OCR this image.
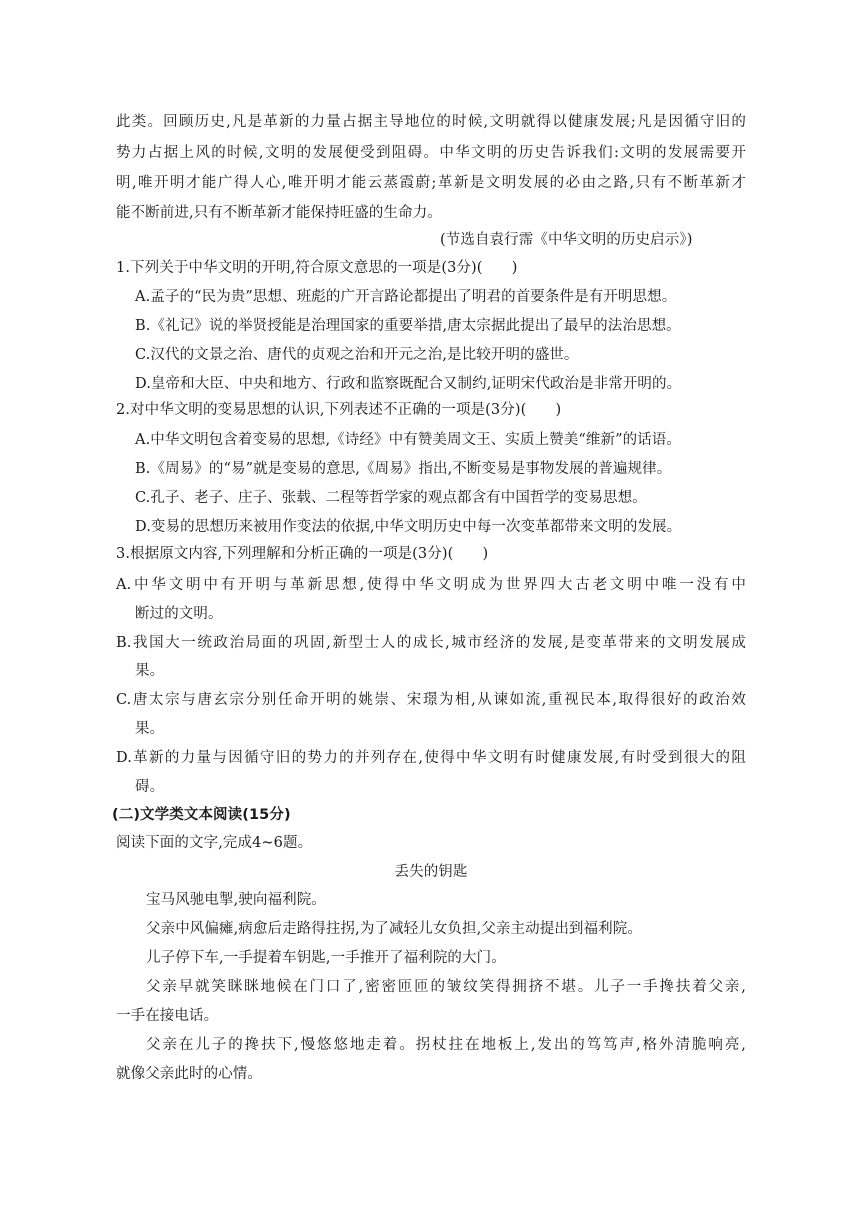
此类。回顾历史,凡是革新的力量占据主导地位的时候,文明就得以健康发展;凡是因循守旧的
势力占据上风的时候,文明的发展便受到阻碍。中华文明的历史告诉我们:文明的发展需要开
明,唯开明才能广得人心,唯开明才能云蒸霞蔚;革新是文明发展的必由之路,只有不断革新才
能不断前进,只有不断革新才能保持旺盛的生命力。
(节选自袁行霈《中华文明的历史启示》)
1.下列关于中华文明的开明,符合原文意思的一项是(3分)(　　)
A.孟子的“民为贵”思想、班彪的广开言路论都提出了明君的首要条件是有开明思想。
B.《礼记》说的举贤授能是治理国家的重要举措,唐太宗据此提出了最早的法治思想。
C.汉代的文景之治、唐代的贞观之治和开元之治,是比较开明的盛世。
D.皇帝和大臣、中央和地方、行政和监察既配合又制约,证明宋代政治是非常开明的。
2.对中华文明的变易思想的认识,下列表述不正确的一项是(3分)(　　)
A.中华文明包含着变易的思想,《诗经》中有赞美周文王、实质上赞美“维新”的话语。
B.《周易》的“易”就是变易的意思,《周易》指出,不断变易是事物发展的普遍规律。
C.孔子、老子、庄子、张载、二程等哲学家的观点都含有中国哲学的变易思想。
D.变易的思想历来被用作变法的依据,中华文明历史中每一次变革都带来文明的发展。
3.根据原文内容,下列理解和分析正确的一项是(3分)(　　)
A.中华文明中有开明与革新思想,使得中华文明成为世界四大古老文明中唯一没有中
断过的文明。
B.我国大一统政治局面的巩固,新型士人的成长,城市经济的发展,是变革带来的文明发展成
果。
C.唐太宗与唐玄宗分别任命开明的姚崇、宋璟为相,从谏如流,重视民本,取得很好的政治效
果。
D.革新的力量与因循守旧的势力的并列存在,使得中华文明有时健康发展,有时受到很大的阻
碍。
(二)文学类文本阅读(15分)
阅读下面的文字,完成4~6题。
丢失的钥匙
宝马风驰电掣,驶向福利院。
父亲中风偏瘫,病愈后走路得拄拐,为了减轻儿女负担,父亲主动提出到福利院。
儿子停下车,一手提着车钥匙,一手推开了福利院的大门。
父亲早就笑眯眯地候在门口了,密密匝匝的皱纹笑得拥挤不堪。儿子一手搀扶着父亲,
一手在接电话。
父亲在儿子的搀扶下,慢悠悠地走着。拐杖拄在地板上,发出的笃笃声,格外清脆响亮,
就像父亲此时的心情。
